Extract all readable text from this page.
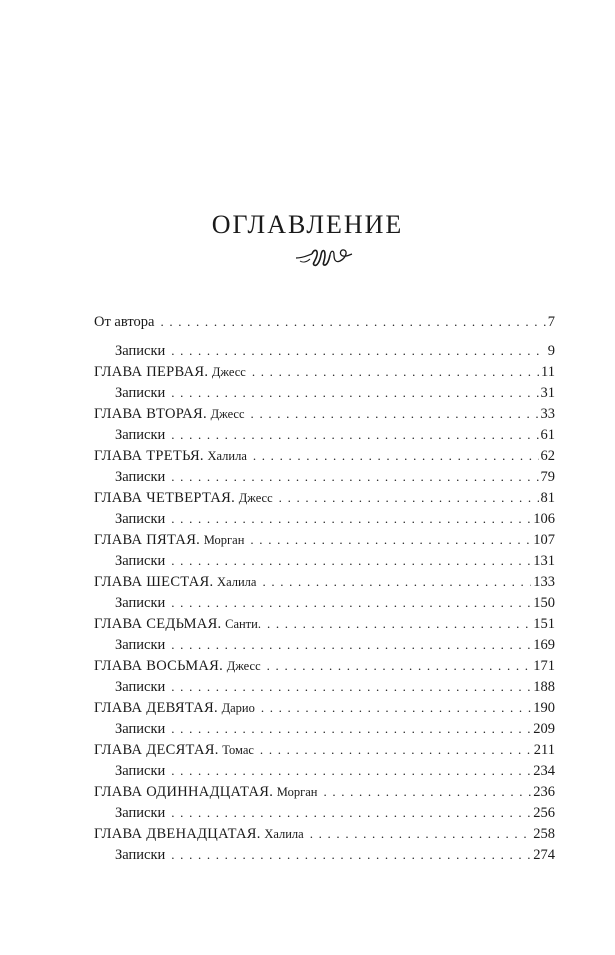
ОГЛАВЛЕНИЕ
От автора . . .	7
Записки . . .	9
ГЛАВА ПЕРВАЯ. Джесс . . .	11
Записки . . .	31
ГЛАВА ВТОРАЯ. Джесс . . .	33
Записки . . .	61
ГЛАВА ТРЕТЬЯ. Халила . . .	62
Записки . . .	79
ГЛАВА ЧЕТВЕРТАЯ. Джесс . . .	81
Записки . . .	106
ГЛАВА ПЯТАЯ. Морган . . .	107
Записки . . .	131
ГЛАВА ШЕСТАЯ. Халила . . .	133
Записки . . .	150
ГЛАВА СЕДЬМАЯ. Санти. . . .	151
Записки . . .	169
ГЛАВА ВОСЬМАЯ. Джесс . . .	171
Записки . . .	188
ГЛАВА ДЕВЯТАЯ. Дарио . . .	190
Записки . . .	209
ГЛАВА ДЕСЯТАЯ. Томас . . .	211
Записки . . .	234
ГЛАВА ОДИННАДЦАТАЯ. Морган . . .	236
Записки . . .	256
ГЛАВА ДВЕНАДЦАТАЯ. Халила . . .	258
Записки . . .	274
